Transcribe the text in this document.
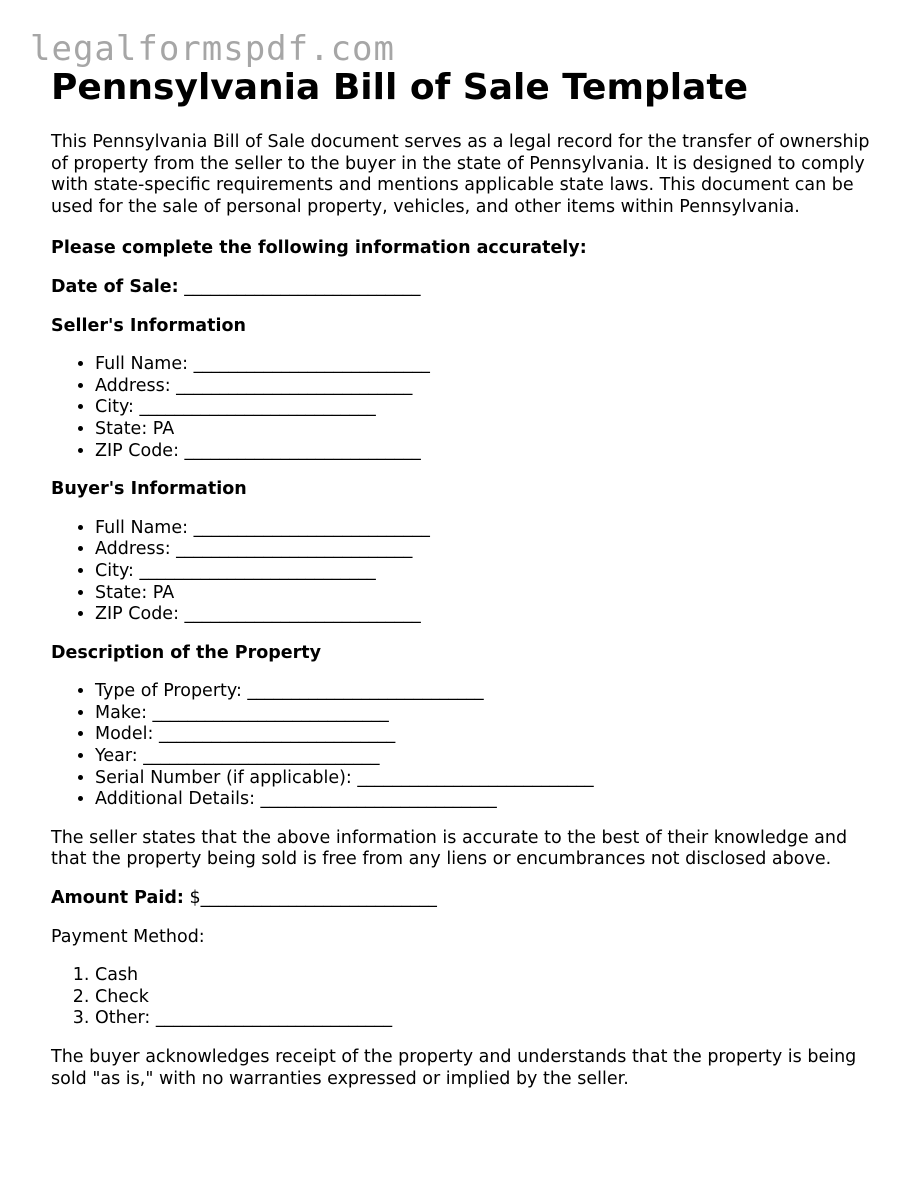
legalformspdf.com
Pennsylvania Bill of Sale Template

This Pennsylvania Bill of Sale document serves as a legal record for the transfer of ownership of property from the seller to the buyer in the state of Pennsylvania. It is designed to comply with state-specific requirements and mentions applicable state laws. This document can be used for the sale of personal property, vehicles, and other items within Pennsylvania.

Please complete the following information accurately:

Date of Sale: ___________________________

Seller's Information

• Full Name: ___________________________
• Address: ___________________________
• City: ___________________________
• State: PA
• ZIP Code: ___________________________

Buyer's Information

• Full Name: ___________________________
• Address: ___________________________
• City: ___________________________
• State: PA
• ZIP Code: ___________________________

Description of the Property

• Type of Property: ___________________________
• Make: ___________________________
• Model: ___________________________
• Year: ___________________________
• Serial Number (if applicable): ___________________________
• Additional Details: ___________________________

The seller states that the above information is accurate to the best of their knowledge and that the property being sold is free from any liens or encumbrances not disclosed above.

Amount Paid: $___________________________

Payment Method:

1. Cash
2. Check
3. Other: ___________________________

The buyer acknowledges receipt of the property and understands that the property is being sold "as is," with no warranties expressed or implied by the seller.
